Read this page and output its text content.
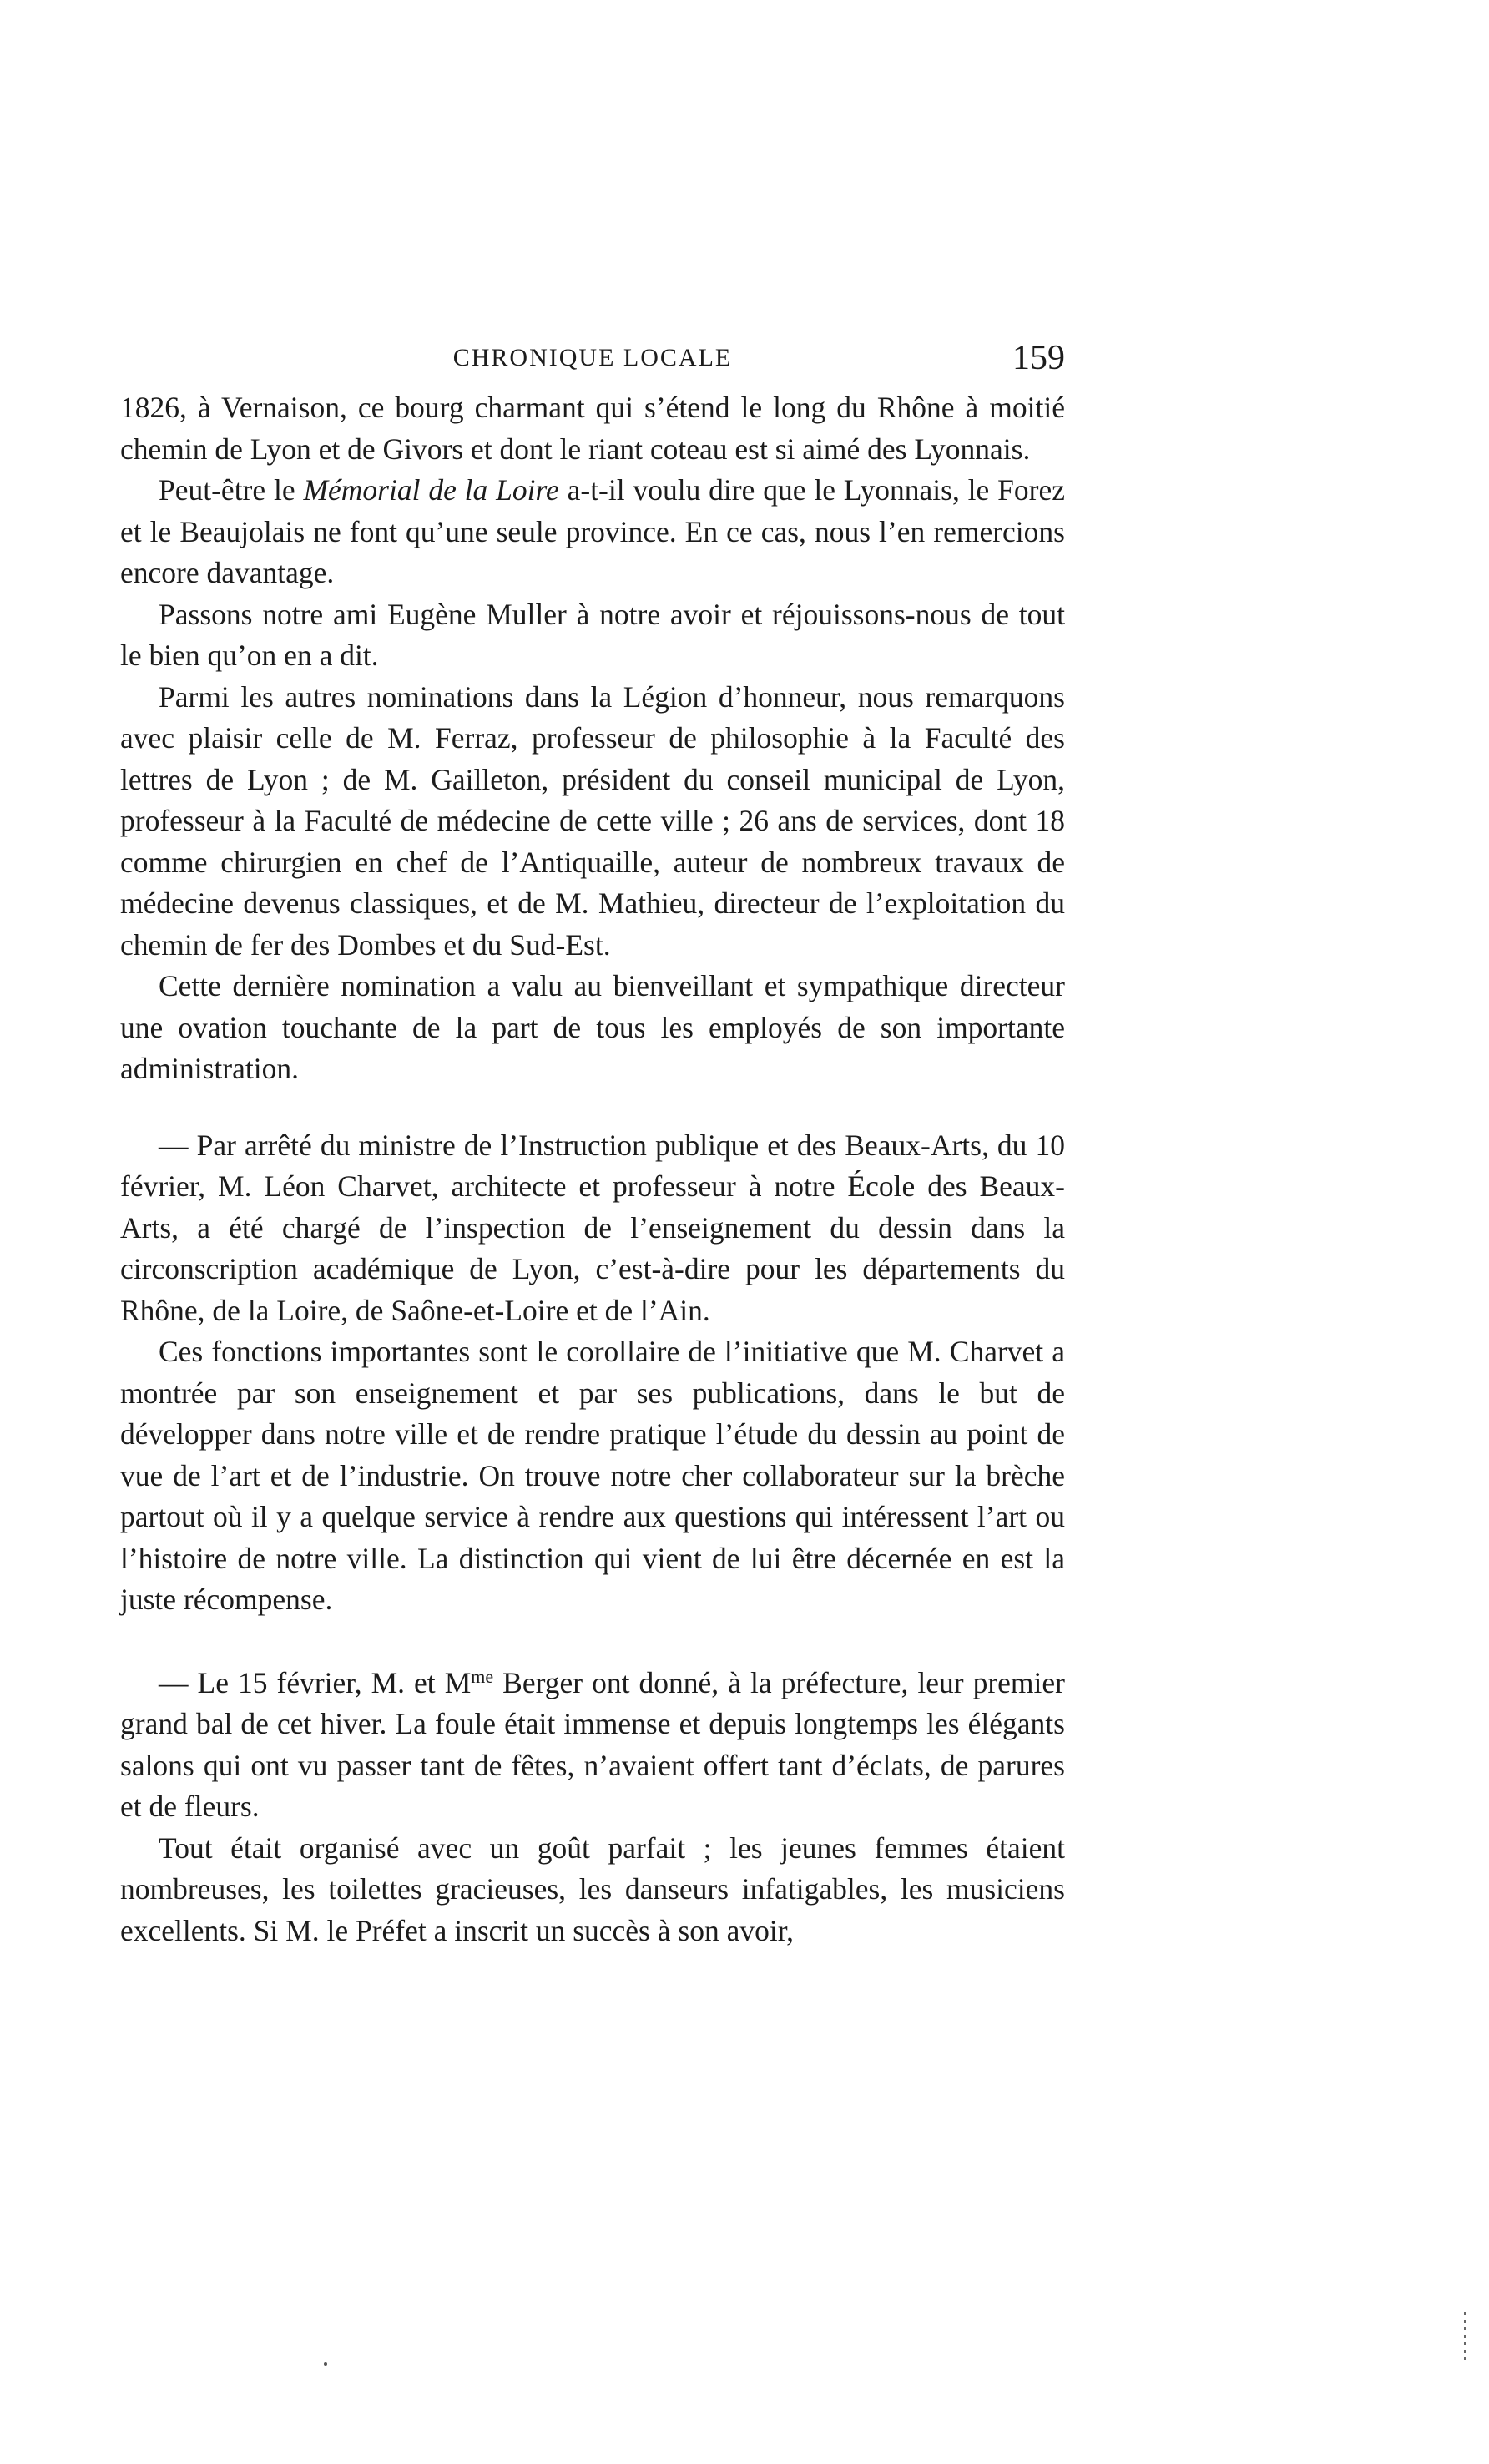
CHRONIQUE LOCALE	159

1826, à Vernaison, ce bourg charmant qui s’étend le long du Rhône à moitié chemin de Lyon et de Givors et dont le riant coteau est si aimé des Lyonnais.

Peut-être le Mémorial de la Loire a-t-il voulu dire que le Lyonnais, le Forez et le Beaujolais ne font qu’une seule province. En ce cas, nous l’en remercions encore davantage.

Passons notre ami Eugène Muller à notre avoir et réjouissons-nous de tout le bien qu’on en a dit.

Parmi les autres nominations dans la Légion d’honneur, nous remarquons avec plaisir celle de M. Ferraz, professeur de philosophie à la Faculté des lettres de Lyon ; de M. Gailleton, président du conseil municipal de Lyon, professeur à la Faculté de médecine de cette ville ; 26 ans de services, dont 18 comme chirurgien en chef de l’Antiquaille, auteur de nombreux travaux de médecine devenus classiques, et de M. Mathieu, directeur de l’exploitation du chemin de fer des Dombes et du Sud-Est.

Cette dernière nomination a valu au bienveillant et sympathique directeur une ovation touchante de la part de tous les employés de son importante administration.

— Par arrêté du ministre de l’Instruction publique et des Beaux-Arts, du 10 février, M. Léon Charvet, architecte et professeur à notre École des Beaux-Arts, a été chargé de l’inspection de l’enseignement du dessin dans la circonscription académique de Lyon, c’est-à-dire pour les départements du Rhône, de la Loire, de Saône-et-Loire et de l’Ain.

Ces fonctions importantes sont le corollaire de l’initiative que M. Charvet a montrée par son enseignement et par ses publications, dans le but de développer dans notre ville et de rendre pratique l’étude du dessin au point de vue de l’art et de l’industrie. On trouve notre cher collaborateur sur la brèche partout où il y a quelque service à rendre aux questions qui intéressent l’art ou l’histoire de notre ville. La distinction qui vient de lui être décernée en est la juste récompense.

— Le 15 février, M. et $M^{me}$ Berger ont donné, à la préfecture, leur premier grand bal de cet hiver. La foule était immense et depuis longtemps les élégants salons qui ont vu passer tant de fêtes, n’avaient offert tant d’éclats, de parures et de fleurs.

Tout était organisé avec un goût parfait ; les jeunes femmes étaient nombreuses, les toilettes gracieuses, les danseurs infatigables, les musiciens excellents. Si M. le Préfet a inscrit un succès à son avoir,
